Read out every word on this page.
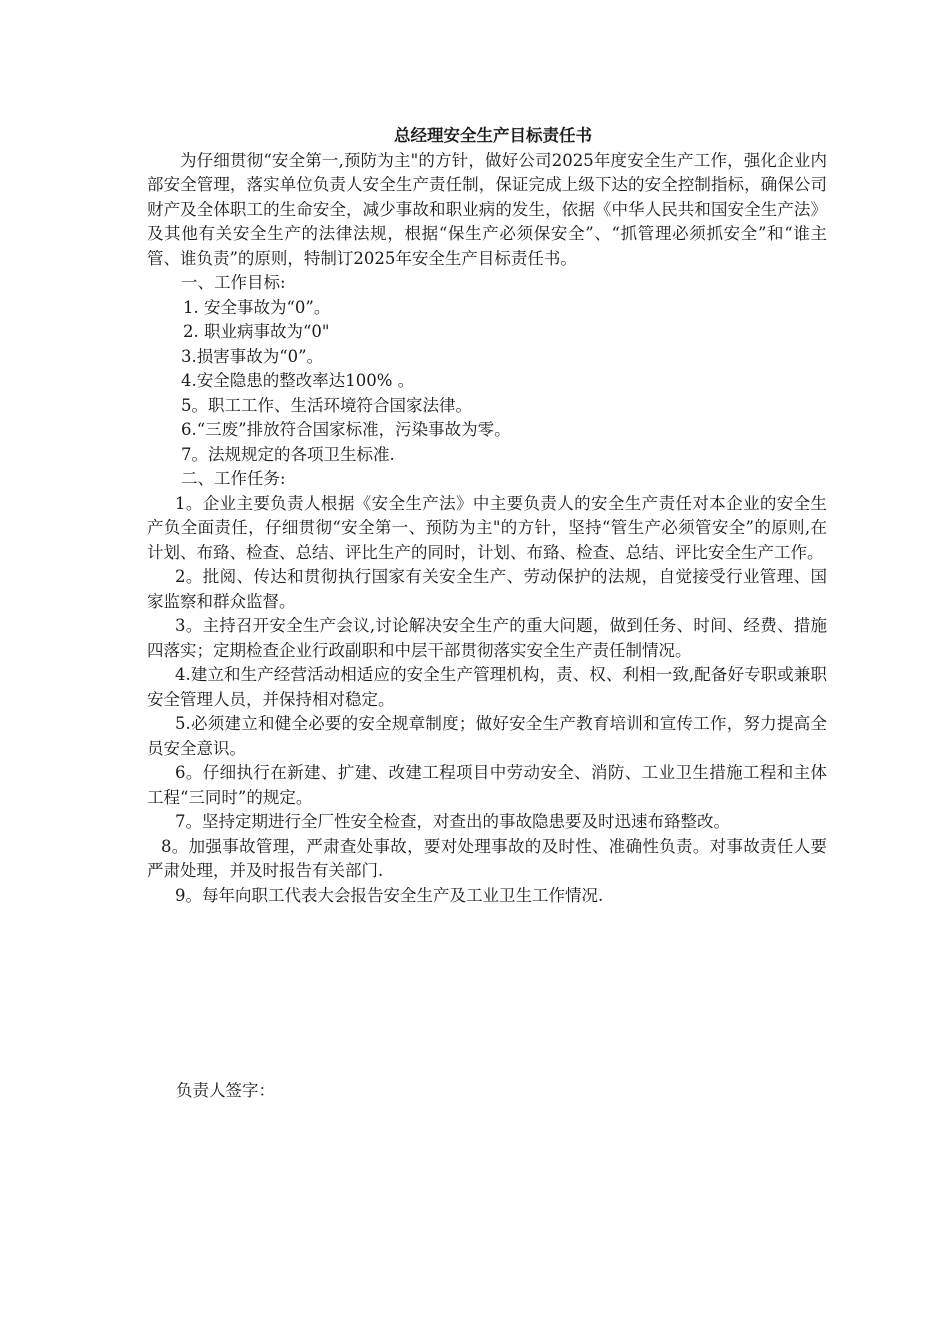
总经理安全生产目标责任书

为仔细贯彻“安全第一,预防为主"的方针，做好公司2025年度安全生产工作，强化企业内部安全管理，落实单位负责人安全生产责任制，保证完成上级下达的安全控制指标，确保公司财产及全体职工的生命安全，减少事故和职业病的发生，依据《中华人民共和国安全生产法》及其他有关安全生产的法律法规，根据“保生产必须保安全”、“抓管理必须抓安全”和“谁主管、谁负责”的原则，特制订2025年安全生产目标责任书。

一、工作目标:

1. 安全事故为“0”。

2. 职业病事故为“0"

3.损害事故为“0”。

4.安全隐患的整改率达100% 。

5。职工工作、生活环境符合国家法律。

6.“三废”排放符合国家标准，污染事故为零。

7。法规规定的各项卫生标准.

二、工作任务:

1。企业主要负责人根据《安全生产法》中主要负责人的安全生产责任对本企业的安全生产负全面责任，仔细贯彻“安全第一、预防为主"的方针，坚持“管生产必须管安全”的原则,在计划、布臵、检查、总结、评比生产的同时，计划、布臵、检查、总结、评比安全生产工作。

2。批阅、传达和贯彻执行国家有关安全生产、劳动保护的法规，自觉接受行业管理、国家监察和群众监督。

3。主持召开安全生产会议,讨论解决安全生产的重大问题，做到任务、时间、经费、措施四落实；定期检查企业行政副职和中层干部贯彻落实安全生产责任制情况。

4.建立和生产经营活动相适应的安全生产管理机构，责、权、利相一致,配备好专职或兼职安全管理人员，并保持相对稳定。

5.必须建立和健全必要的安全规章制度；做好安全生产教育培训和宣传工作，努力提高全员安全意识。

6。仔细执行在新建、扩建、改建工程项目中劳动安全、消防、工业卫生措施工程和主体工程“三同时”的规定。

7。坚持定期进行全厂性安全检查，对查出的事故隐患要及时迅速布臵整改。

8。加强事故管理，严肃查处事故，要对处理事故的及时性、准确性负责。对事故责任人要严肃处理，并及时报告有关部门.

9。每年向职工代表大会报告安全生产及工业卫生工作情况.

负责人签字：
